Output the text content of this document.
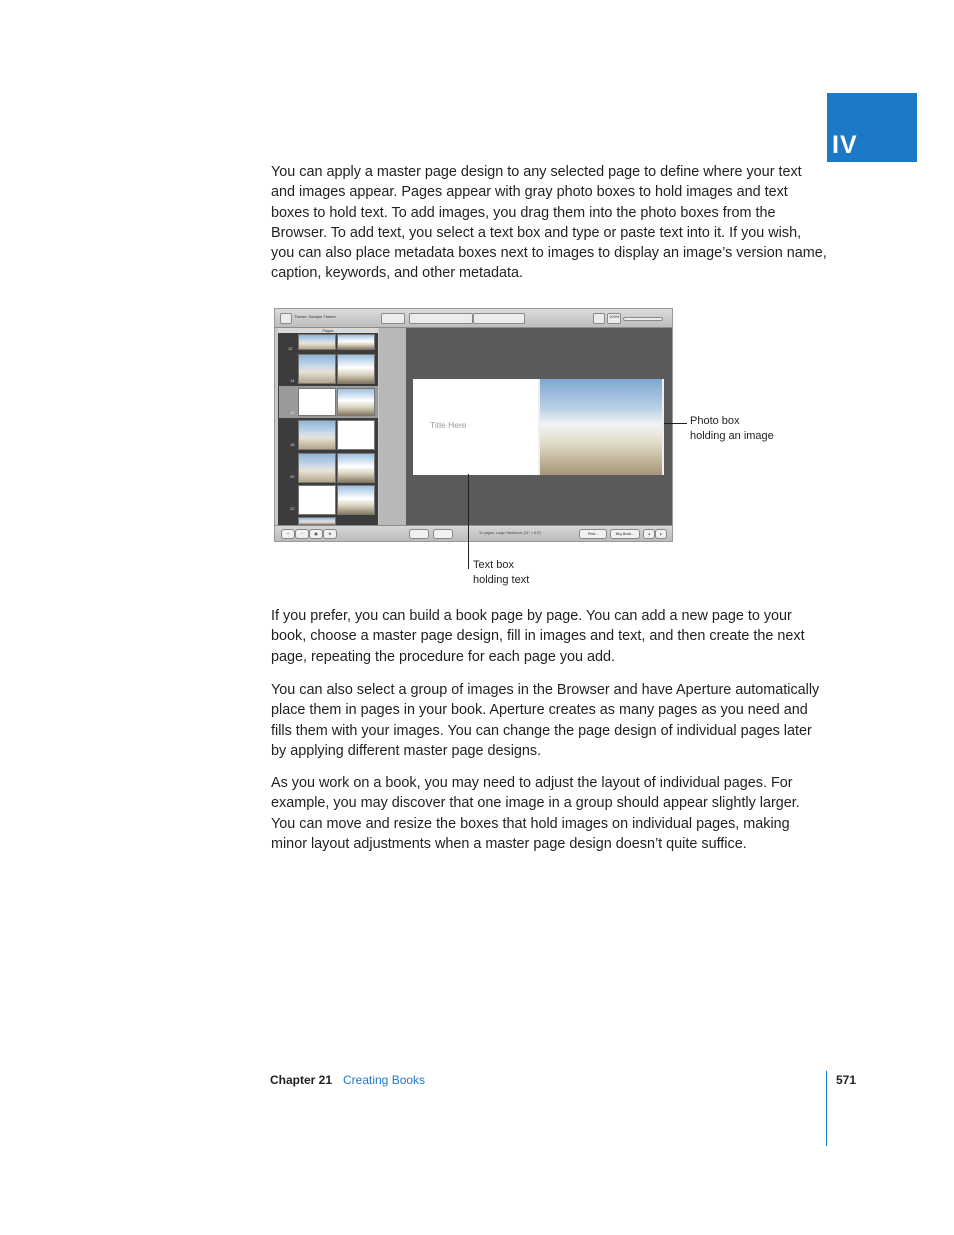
IV

You can apply a master page design to any selected page to define where your text and images appear. Pages appear with gray photo boxes to hold images and text boxes to hold text. To add images, you drag them into the photo boxes from the Browser. To add text, you select a text box and type or paste text into it. If you wish, you can also place metadata boxes next to images to display an image’s version name, caption, keywords, and other metadata.

Theme: Sample Theme	100%
Pages
12
14
16
18
20
22
Title Here
+	−	▦	⚙	31 pages, Large Hardcover (11" × 8.5")	Print...	Buy Book...	◂	▸
Photo box
holding an image
Text box
holding text

If you prefer, you can build a book page by page. You can add a new page to your book, choose a master page design, fill in images and text, and then create the next page, repeating the procedure for each page you add.

You can also select a group of images in the Browser and have Aperture automatically place them in pages in your book. Aperture creates as many pages as you need and fills them with your images. You can change the page design of individual pages later by applying different master page designs.

As you work on a book, you may need to adjust the layout of individual pages. For example, you may discover that one image in a group should appear slightly larger. You can move and resize the boxes that hold images on individual pages, making minor layout adjustments when a master page design doesn’t quite suffice.

Chapter 21 Creating Books	571
